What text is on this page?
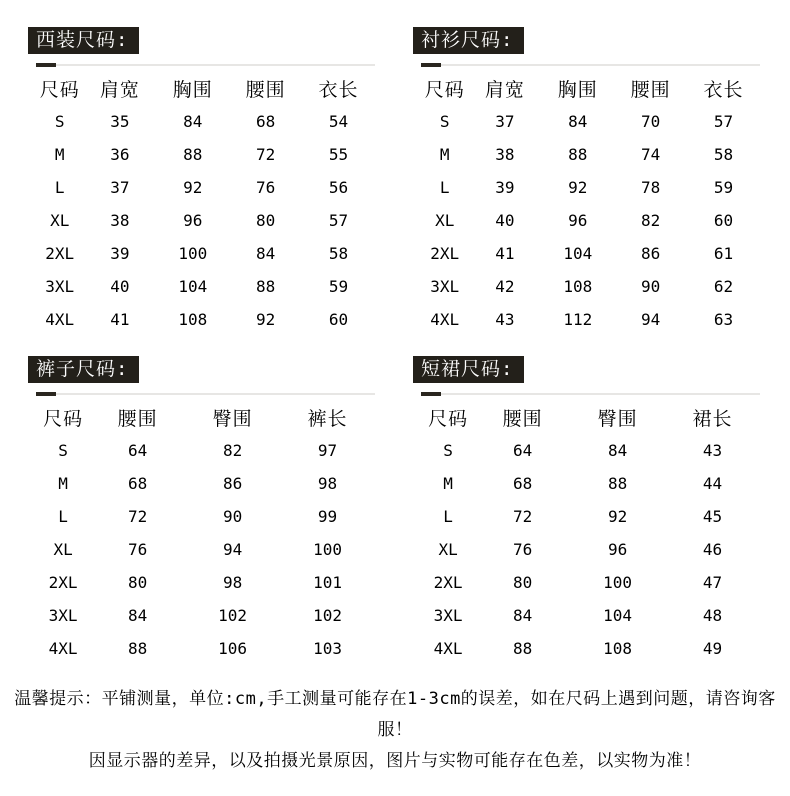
西装尺码:
尺码	肩宽	胸围	腰围	衣长
S	35	84	68	54
M	36	88	72	55
L	37	92	76	56
XL	38	96	80	57
2XL	39	100	84	58
3XL	40	104	88	59
4XL	41	108	92	60
衬衫尺码:
尺码	肩宽	胸围	腰围	衣长
S	37	84	70	57
M	38	88	74	58
L	39	92	78	59
XL	40	96	82	60
2XL	41	104	86	61
3XL	42	108	90	62
4XL	43	112	94	63
裤子尺码:
尺码	腰围	臀围	裤长
S	64	82	97
M	68	86	98
L	72	90	99
XL	76	94	100
2XL	80	98	101
3XL	84	102	102
4XL	88	106	103
短裙尺码:
尺码	腰围	臀围	裙长
S	64	84	43
M	68	88	44
L	72	92	45
XL	76	96	46
2XL	80	100	47
3XL	84	104	48
4XL	88	108	49
温馨提示：平铺测量，单位:cm,手工测量可能存在1-3cm的误差，如在尺码上遇到问题，请咨询客服！
因显示器的差异，以及拍摄光景原因，图片与实物可能存在色差，以实物为准！
